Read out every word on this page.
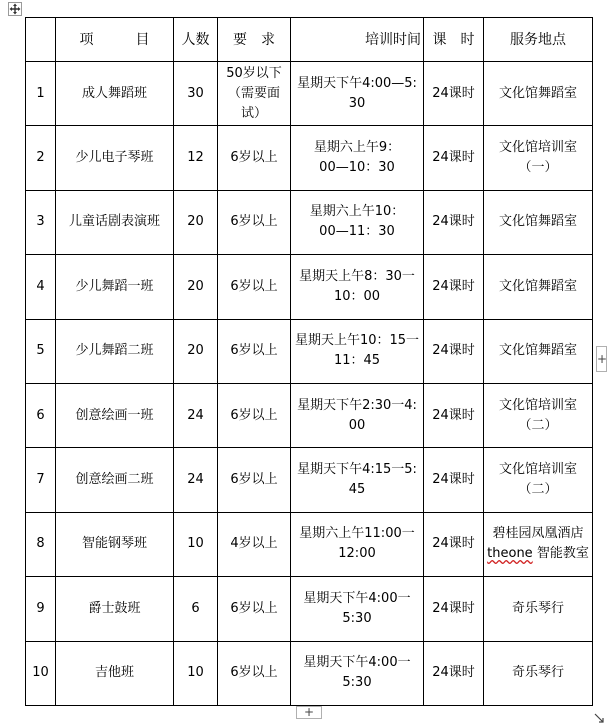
	项　　　目	人数	要　求	培训时间	课　时	服务地点
1	成人舞蹈班	30	50岁以下
（需要面
试）	星期天下午4:00—5:
30	24课时	文化馆舞蹈室

2	少儿电子琴班	12	6岁以上	星期六上午9：
00—10：30	24课时	文化馆培训室
（一）

3	儿童话剧表演班	20	6岁以上	星期六上午10：
00—11：30	24课时	文化馆舞蹈室

4	少儿舞蹈一班	20	6岁以上	星期天上午8：30一
10：00	24课时	文化馆舞蹈室

5	少儿舞蹈二班	20	6岁以上	星期天上午10：15一
11：45	24课时	文化馆舞蹈室

6	创意绘画一班	24	6岁以上	星期天下午2:30一4:
00	24课时	文化馆培训室
（二）

7	创意绘画二班	24	6岁以上	星期天下午4:15一5:
45	24课时	文化馆培训室
（二）

8	智能钢琴班	10	4岁以上	星期六上午11:00一
12:00	24课时	碧桂园凤凰酒店
theone 智能教室

9	爵士鼓班	6	6岁以上	星期天下午4:00一
5:30	24课时	奇乐琴行

10	吉他班	10	6岁以上	星期天下午4:00一
5:30	24课时	奇乐琴行
+
+
